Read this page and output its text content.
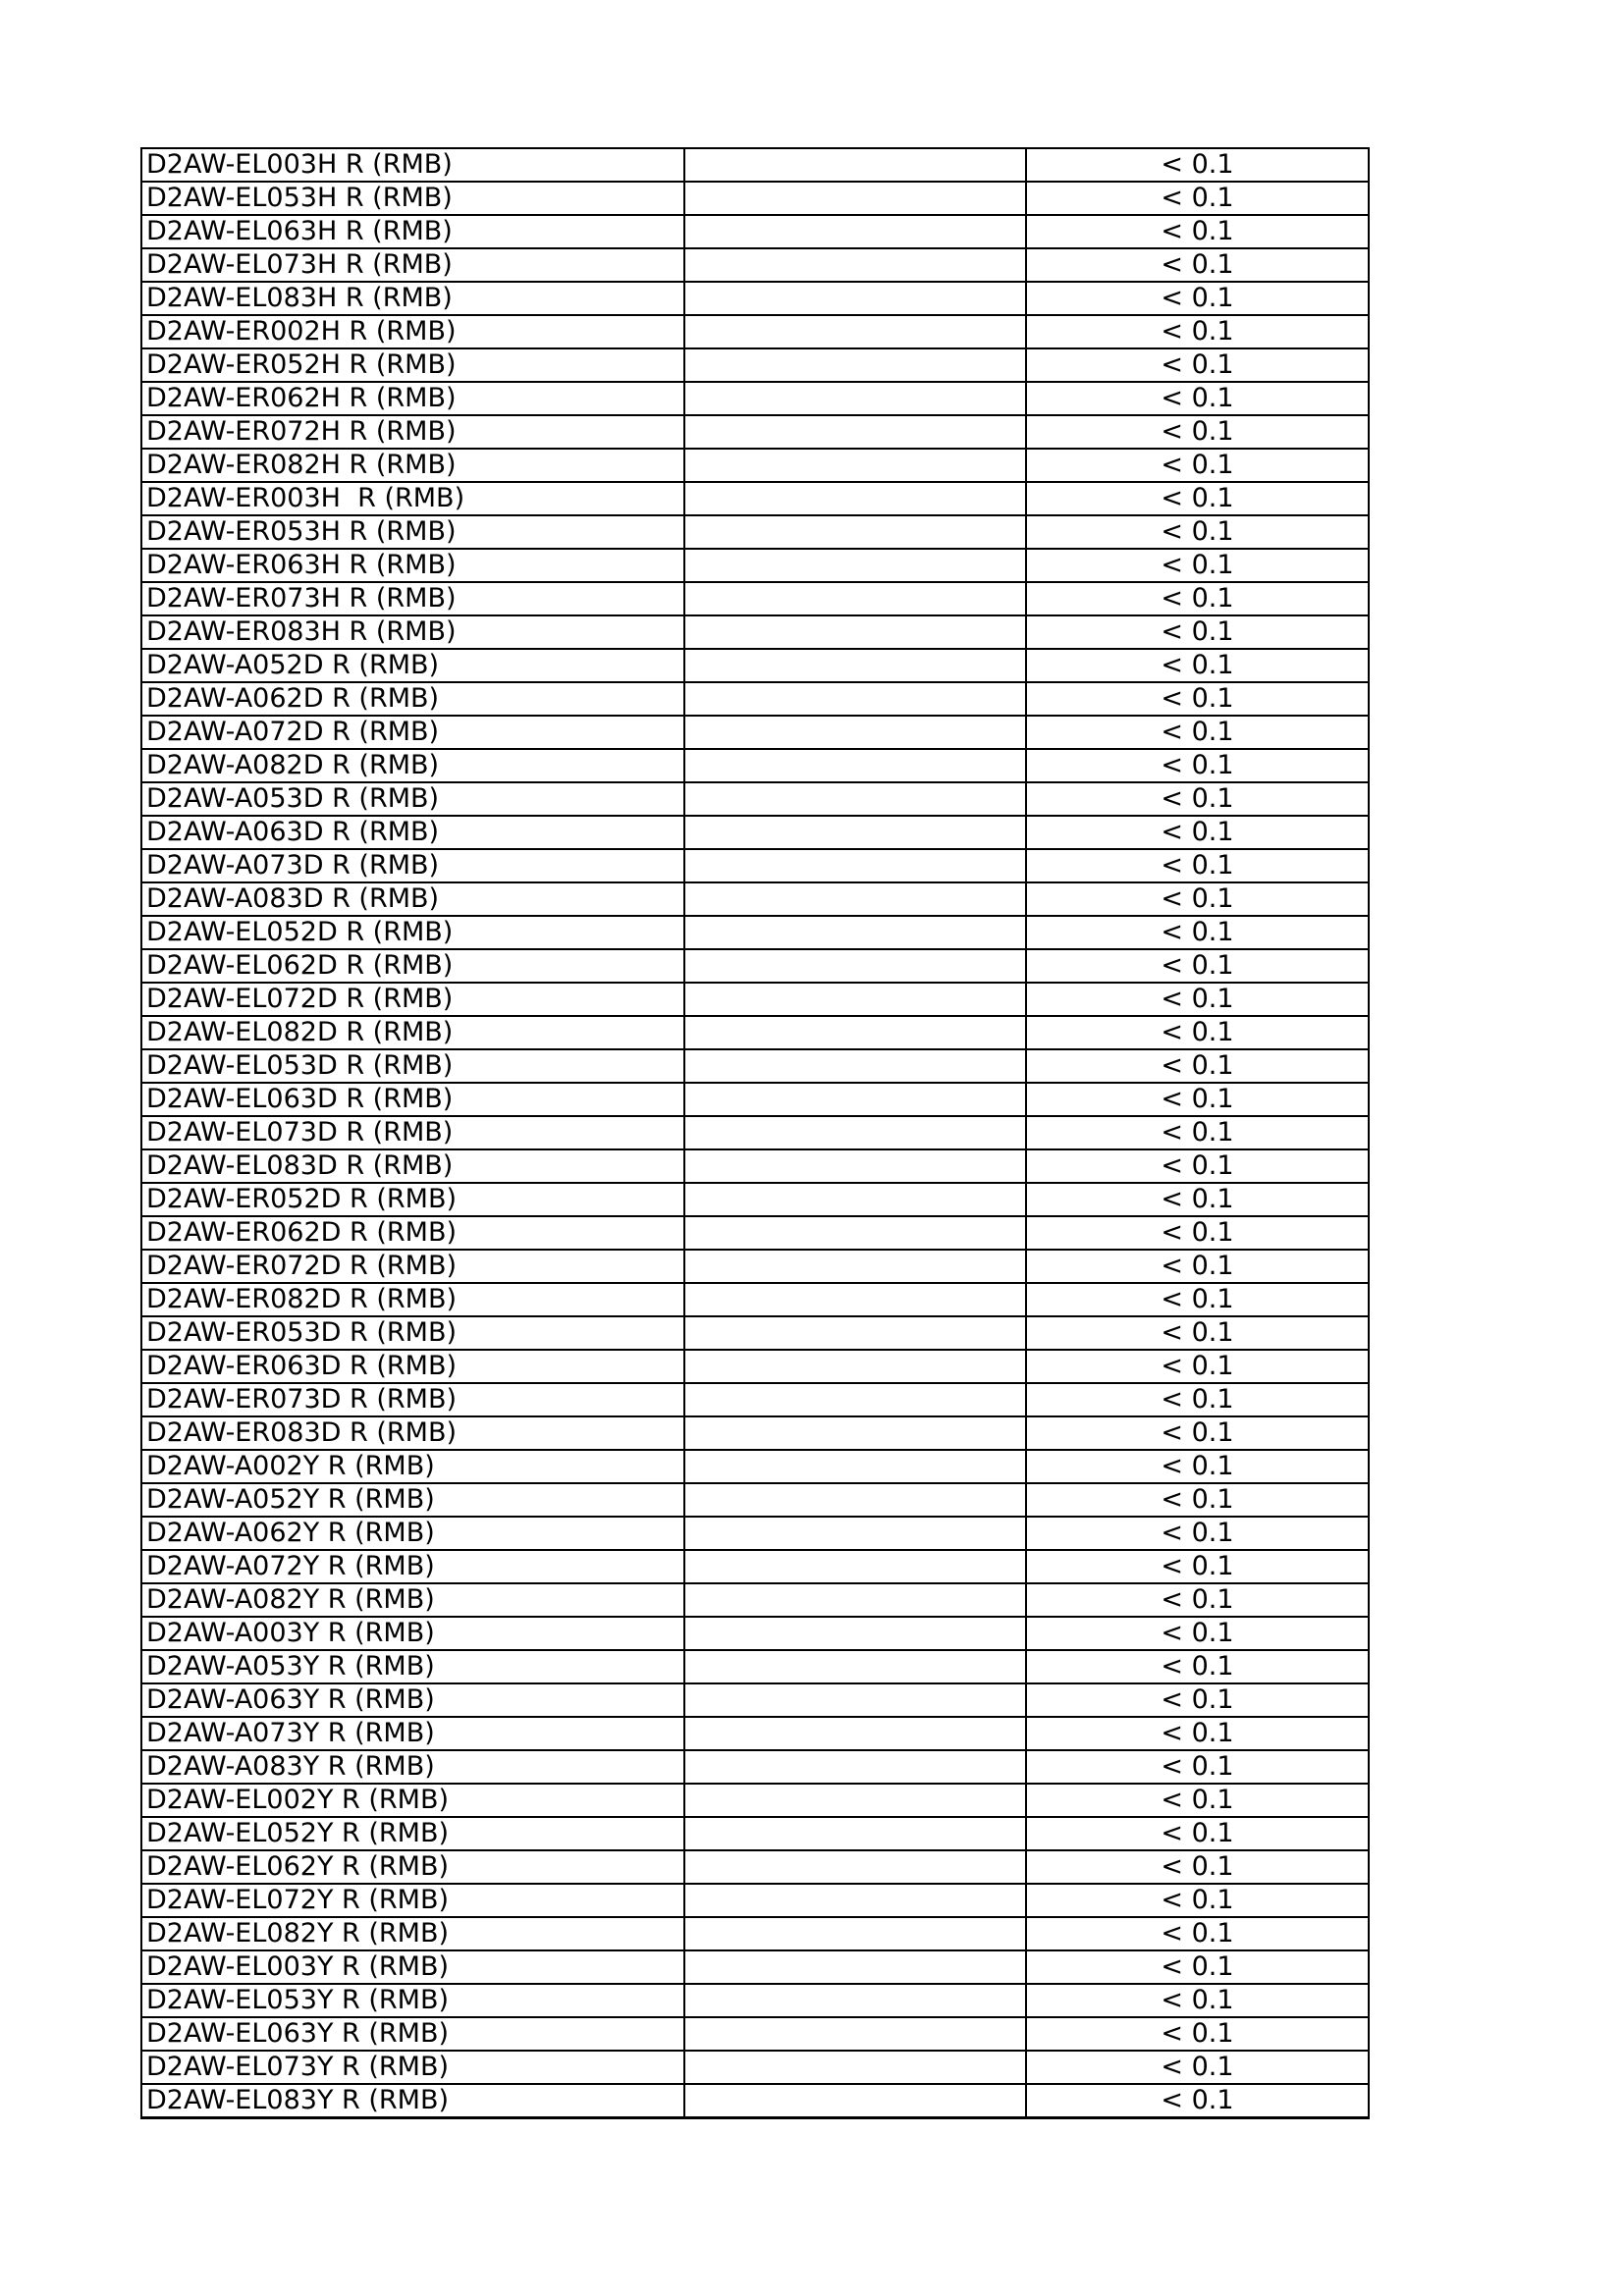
D2AW-EL003H R (RMB)		< 0.1
D2AW-EL053H R (RMB)		< 0.1
D2AW-EL063H R (RMB)		< 0.1
D2AW-EL073H R (RMB)		< 0.1
D2AW-EL083H R (RMB)		< 0.1
D2AW-ER002H R (RMB)		< 0.1
D2AW-ER052H R (RMB)		< 0.1
D2AW-ER062H R (RMB)		< 0.1
D2AW-ER072H R (RMB)		< 0.1
D2AW-ER082H R (RMB)		< 0.1
D2AW-ER003H  R (RMB)		< 0.1
D2AW-ER053H R (RMB)		< 0.1
D2AW-ER063H R (RMB)		< 0.1
D2AW-ER073H R (RMB)		< 0.1
D2AW-ER083H R (RMB)		< 0.1
D2AW-A052D R (RMB)		< 0.1
D2AW-A062D R (RMB)		< 0.1
D2AW-A072D R (RMB)		< 0.1
D2AW-A082D R (RMB)		< 0.1
D2AW-A053D R (RMB)		< 0.1
D2AW-A063D R (RMB)		< 0.1
D2AW-A073D R (RMB)		< 0.1
D2AW-A083D R (RMB)		< 0.1
D2AW-EL052D R (RMB)		< 0.1
D2AW-EL062D R (RMB)		< 0.1
D2AW-EL072D R (RMB)		< 0.1
D2AW-EL082D R (RMB)		< 0.1
D2AW-EL053D R (RMB)		< 0.1
D2AW-EL063D R (RMB)		< 0.1
D2AW-EL073D R (RMB)		< 0.1
D2AW-EL083D R (RMB)		< 0.1
D2AW-ER052D R (RMB)		< 0.1
D2AW-ER062D R (RMB)		< 0.1
D2AW-ER072D R (RMB)		< 0.1
D2AW-ER082D R (RMB)		< 0.1
D2AW-ER053D R (RMB)		< 0.1
D2AW-ER063D R (RMB)		< 0.1
D2AW-ER073D R (RMB)		< 0.1
D2AW-ER083D R (RMB)		< 0.1
D2AW-A002Y R (RMB)		< 0.1
D2AW-A052Y R (RMB)		< 0.1
D2AW-A062Y R (RMB)		< 0.1
D2AW-A072Y R (RMB)		< 0.1
D2AW-A082Y R (RMB)		< 0.1
D2AW-A003Y R (RMB)		< 0.1
D2AW-A053Y R (RMB)		< 0.1
D2AW-A063Y R (RMB)		< 0.1
D2AW-A073Y R (RMB)		< 0.1
D2AW-A083Y R (RMB)		< 0.1
D2AW-EL002Y R (RMB)		< 0.1
D2AW-EL052Y R (RMB)		< 0.1
D2AW-EL062Y R (RMB)		< 0.1
D2AW-EL072Y R (RMB)		< 0.1
D2AW-EL082Y R (RMB)		< 0.1
D2AW-EL003Y R (RMB)		< 0.1
D2AW-EL053Y R (RMB)		< 0.1
D2AW-EL063Y R (RMB)		< 0.1
D2AW-EL073Y R (RMB)		< 0.1
D2AW-EL083Y R (RMB)		< 0.1
